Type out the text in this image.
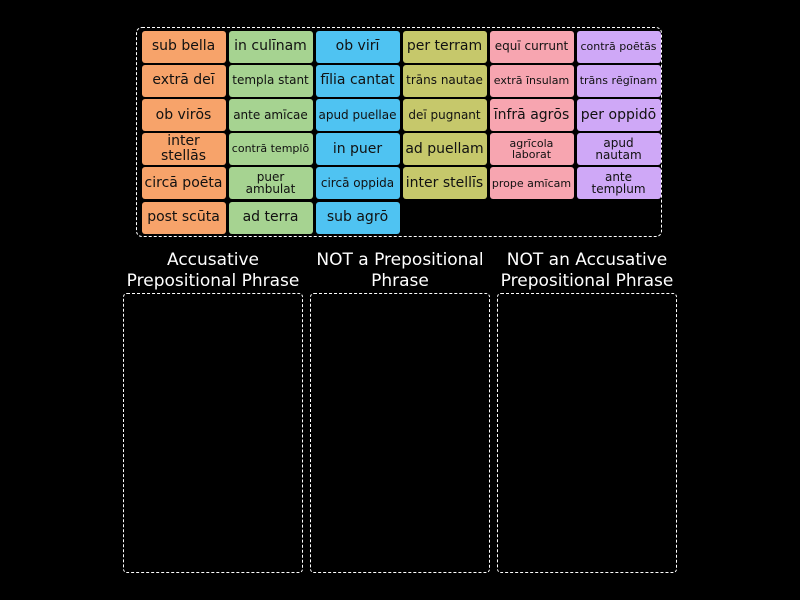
sub bella	in culīnam	ob virī	per terram	equī currunt	contrā poētās
extrā deī	templa stant fīlia cantat trāns nautae extrā īnsulam trāns rēgīnam
ob virōs	ante amīcae apud puellae deī pugnant īnfrā agrōs per oppidō
inter stellās	contrā templō	in puer	ad puellam	agrīcola laborat
apud nautam
circā poēta	puer ambulat	circā oppida inter stellīs prope amīcam	ante templum
post scūta	ad terra	sub agrō
Accusative Prepositional Phrase
NOT a Prepositional Phrase
NOT an Accusative Prepositional Phrase
